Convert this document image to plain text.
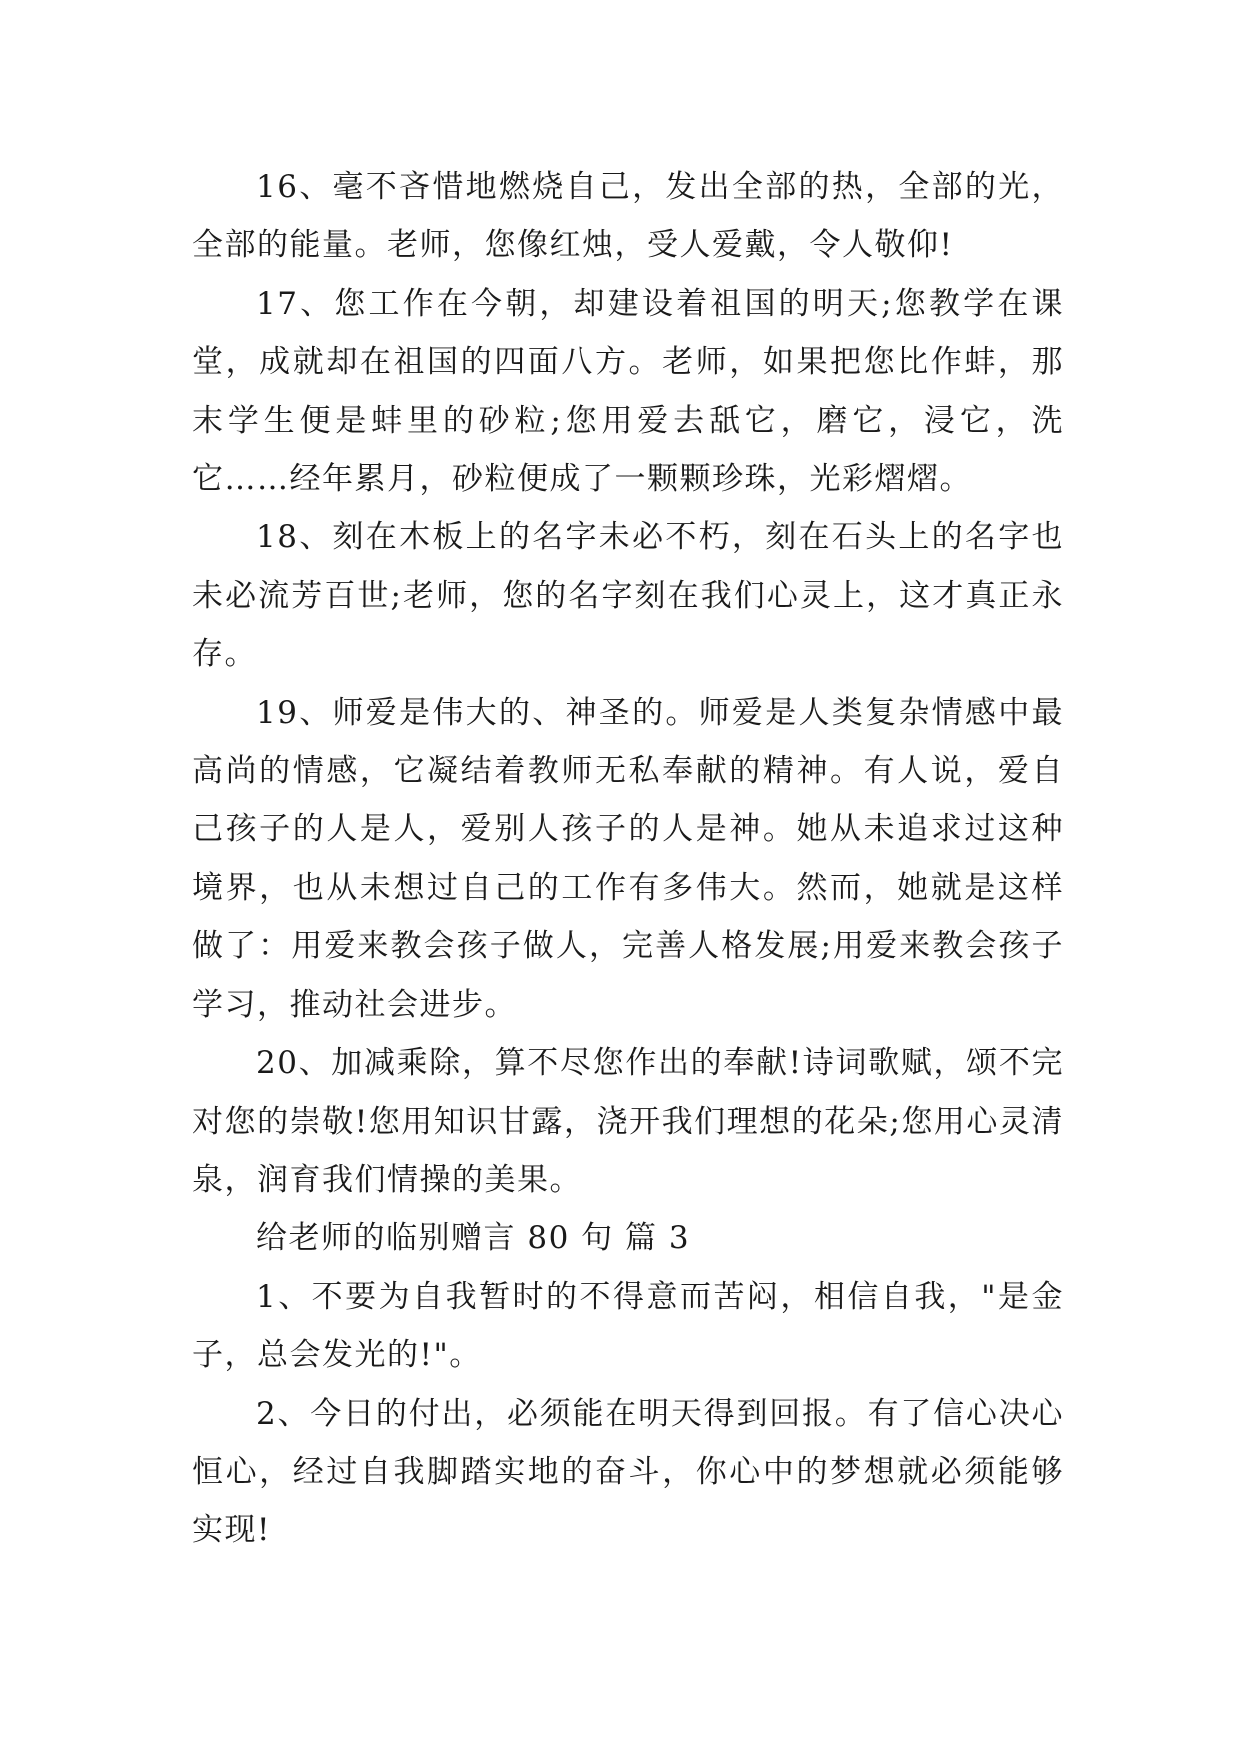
16、毫不吝惜地燃烧自己，发出全部的热，全部的光，全部的能量。老师，您像红烛，受人爱戴，令人敬仰!

17、您工作在今朝，却建设着祖国的明天;您教学在课堂，成就却在祖国的四面八方。老师，如果把您比作蚌，那末学生便是蚌里的砂粒;您用爱去舐它，磨它，浸它，洗它……经年累月，砂粒便成了一颗颗珍珠，光彩熠熠。

18、刻在木板上的名字未必不朽，刻在石头上的名字也未必流芳百世;老师，您的名字刻在我们心灵上，这才真正永存。

19、师爱是伟大的、神圣的。师爱是人类复杂情感中最高尚的情感，它凝结着教师无私奉献的精神。有人说，爱自己孩子的人是人，爱别人孩子的人是神。她从未追求过这种境界，也从未想过自己的工作有多伟大。然而，她就是这样做了：用爱来教会孩子做人，完善人格发展;用爱来教会孩子学习，推动社会进步。

20、加减乘除，算不尽您作出的奉献!诗词歌赋，颂不完对您的崇敬!您用知识甘露，浇开我们理想的花朵;您用心灵清泉，润育我们情操的美果。

给老师的临别赠言 80 句 篇 3

1、不要为自我暂时的不得意而苦闷，相信自我，"是金子，总会发光的!"。

2、今日的付出，必须能在明天得到回报。有了信心决心恒心，经过自我脚踏实地的奋斗，你心中的梦想就必须能够实现!
